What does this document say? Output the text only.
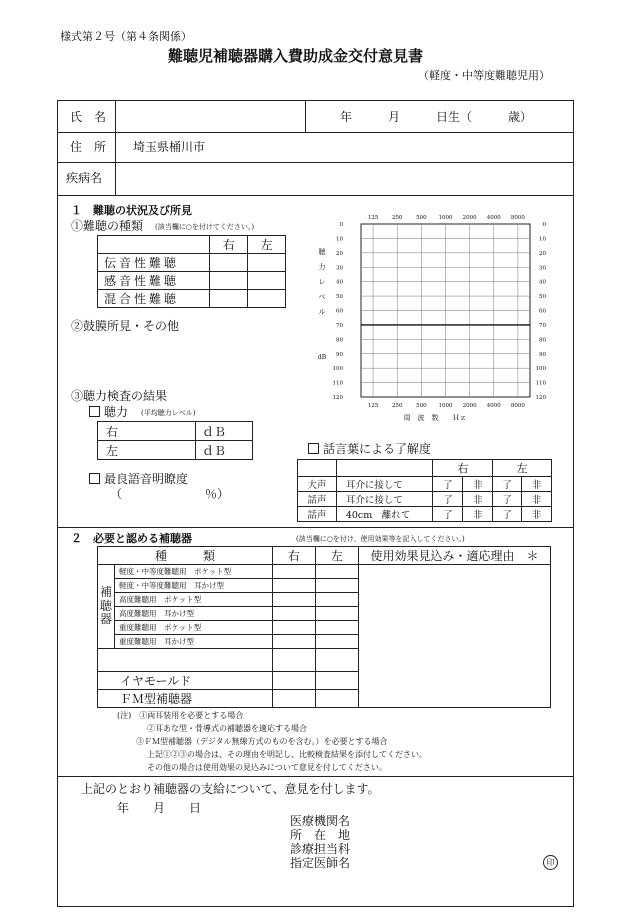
様式第２号（第４条関係）
難聴児補聴器購入費助成金交付意見書
（軽度・中等度難聴児用）
氏　名	年　　　月　　　日生（　　　歳）
住　所 埼玉県桶川市
疾病名
１　難聴の状況及び所見
①難聴の種類 (該当欄に○を付けてください。)
	右	左
伝音性難聴		
感音性難聴		
混合性難聴		
②鼓膜所見・その他
③聴力検査の結果
聴力 (平均聴力レベル)
右	ｄＢ
左	ｄＢ
最良語音明瞭度
（	％）
話言葉による了解度
		右		左	
大声	耳介に接して	了	非	了	非
話声	耳介に接して	了	非	了	非
話声	40cm　離れて	了	非	了	非
125
125
250
250
500
500
1000
1000
2000
2000
4000
4000
8000
8000
0	0
10	10
20	20
30	30
40	40
50	50
60	60
70	70
80	80
90	90
100	100
110	110
120	120
聴
力
レ
ベ
ル
dB
周　波　数　　Ｈｚ
２　必要と認める補聴器	(該当欄に○を付け、使用効果等を記入してください。)
種　　　類		右	左	使用効果見込み・適応理由　＊
補聴器	軽度・中等度難聴用　ポケット型			
	軽度・中等度難聴用　耳かけ型			
	高度難聴用　ポケット型			
	高度難聴用　耳かけ型			
	重度難聴用　ポケット型			
	重度難聴用　耳かけ型			

イヤモールド				
ＦＭ型補聴器				
(注)　①両耳装用を必要とする場合
②耳あな型・骨導式の補聴器を適応する場合
③ＦＭ型補聴器（デジタル無線方式のものを含む。）を必要とする場合
上記①②③の場合は、その理由を明記し、比較検査結果を添付してください。
その他の場合は使用効果の見込みについて意見を付してください。
上記のとおり補聴器の支給について、意見を付します。
年　　月　　日
医療機関名
所　在　地
診療担当科
指定医師名	印
